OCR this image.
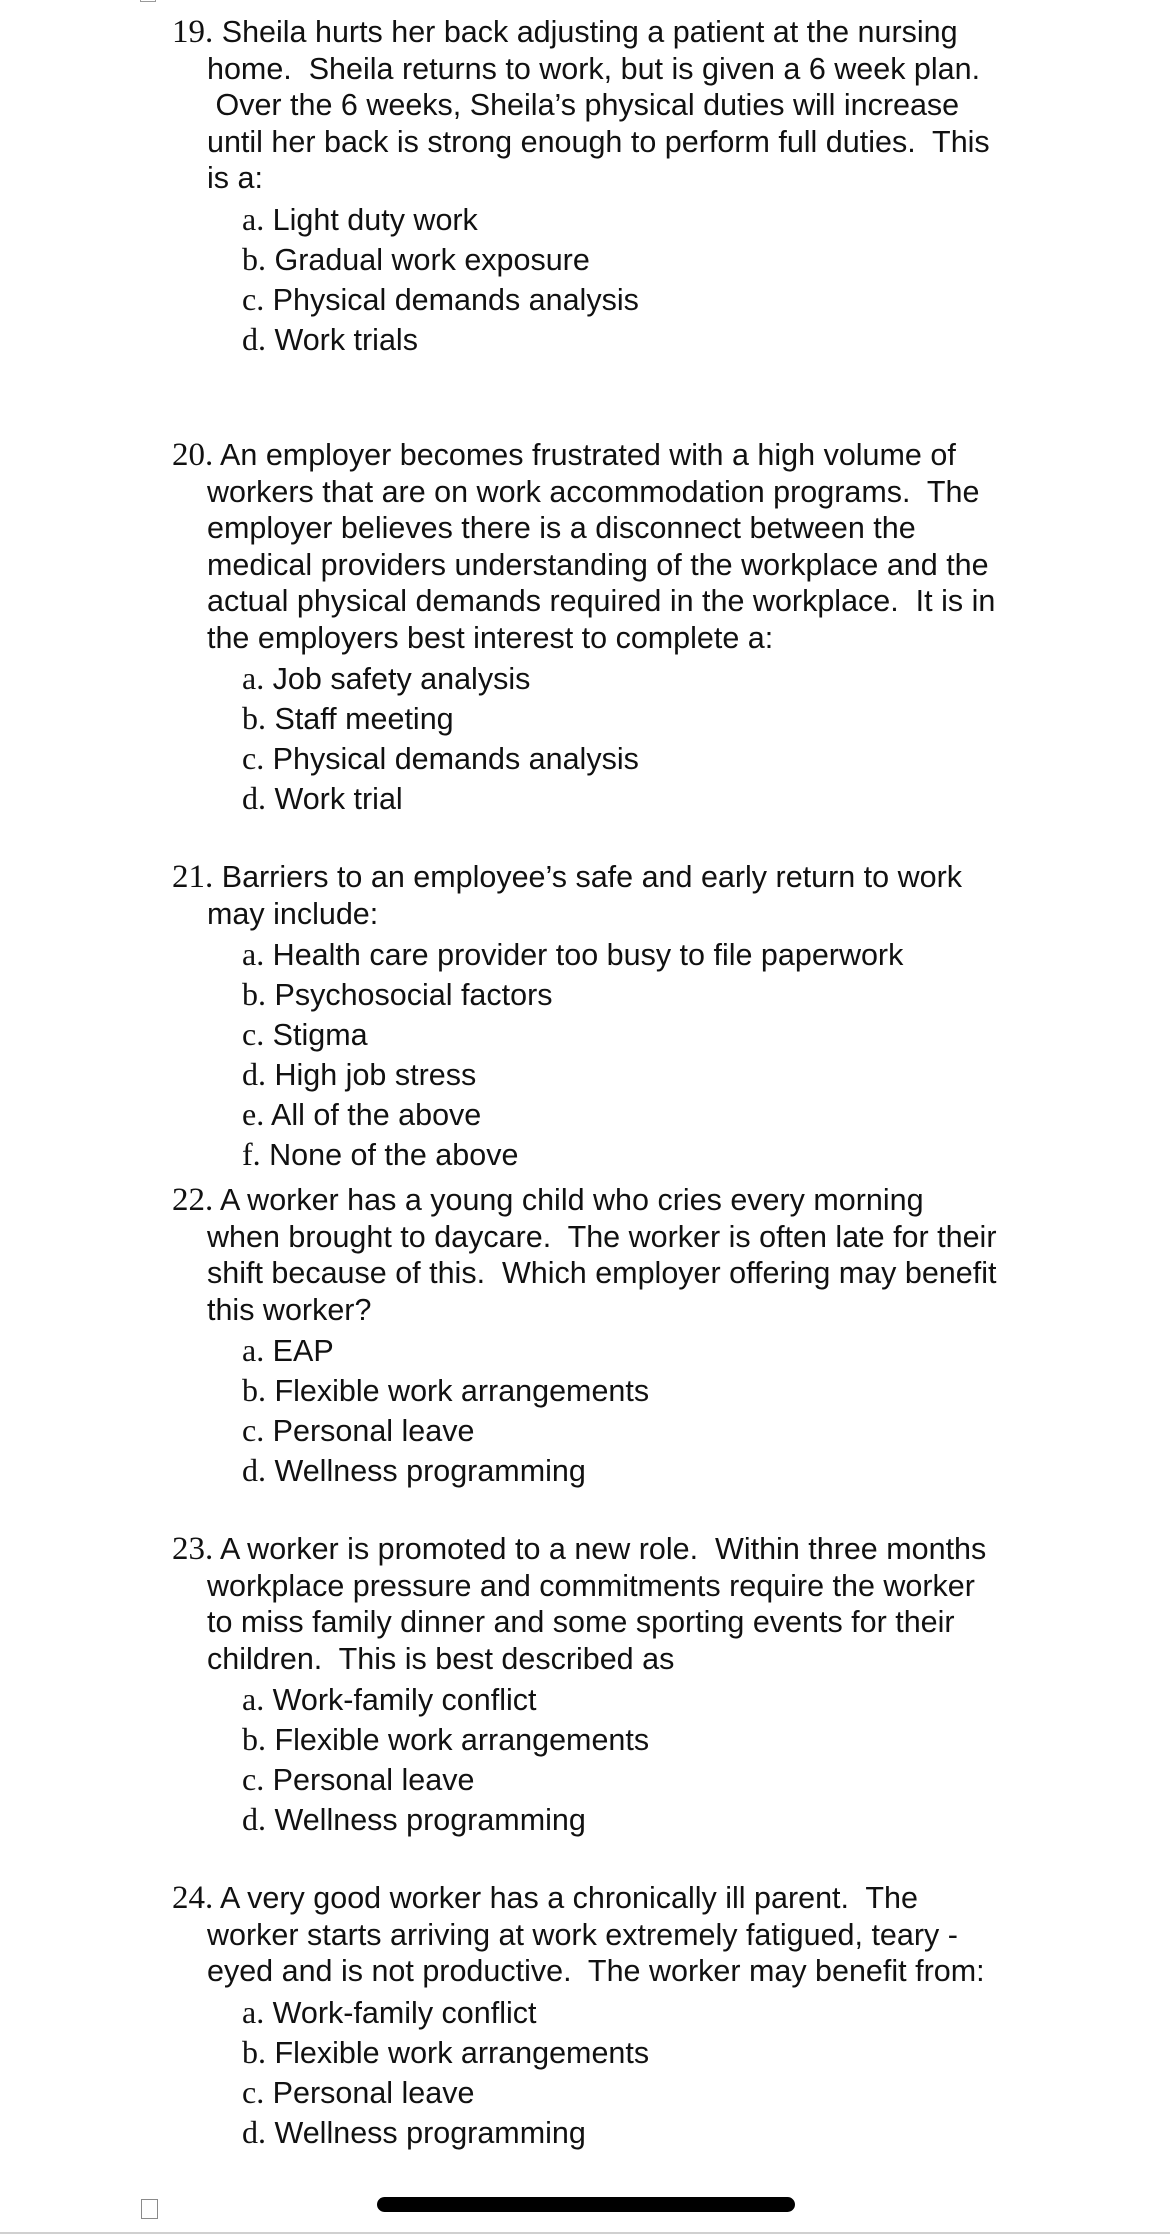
19. Sheila hurts her back adjusting a patient at the nursing
home.  Sheila returns to work, but is given a 6 week plan.
Over the 6 weeks, Sheila’s physical duties will increase
until her back is strong enough to perform full duties.  This
is a:
a. Light duty work
b. Gradual work exposure
c. Physical demands analysis
d. Work trials
20. An employer becomes frustrated with a high volume of
workers that are on work accommodation programs.  The
employer believes there is a disconnect between the
medical providers understanding of the workplace and the
actual physical demands required in the workplace.  It is in
the employers best interest to complete a:
a. Job safety analysis
b. Staff meeting
c. Physical demands analysis
d. Work trial
21. Barriers to an employee’s safe and early return to work
may include:
a. Health care provider too busy to file paperwork
b. Psychosocial factors
c. Stigma
d. High job stress
e. All of the above
f. None of the above
22. A worker has a young child who cries every morning
when brought to daycare.  The worker is often late for their
shift because of this.  Which employer offering may benefit
this worker?
a. EAP
b. Flexible work arrangements
c. Personal leave
d. Wellness programming
23. A worker is promoted to a new role.  Within three months
workplace pressure and commitments require the worker
to miss family dinner and some sporting events for their
children.  This is best described as
a. Work-family conflict
b. Flexible work arrangements
c. Personal leave
d. Wellness programming
24. A very good worker has a chronically ill parent.  The
worker starts arriving at work extremely fatigued, teary -
eyed and is not productive.  The worker may benefit from:
a. Work-family conflict
b. Flexible work arrangements
c. Personal leave
d. Wellness programming
